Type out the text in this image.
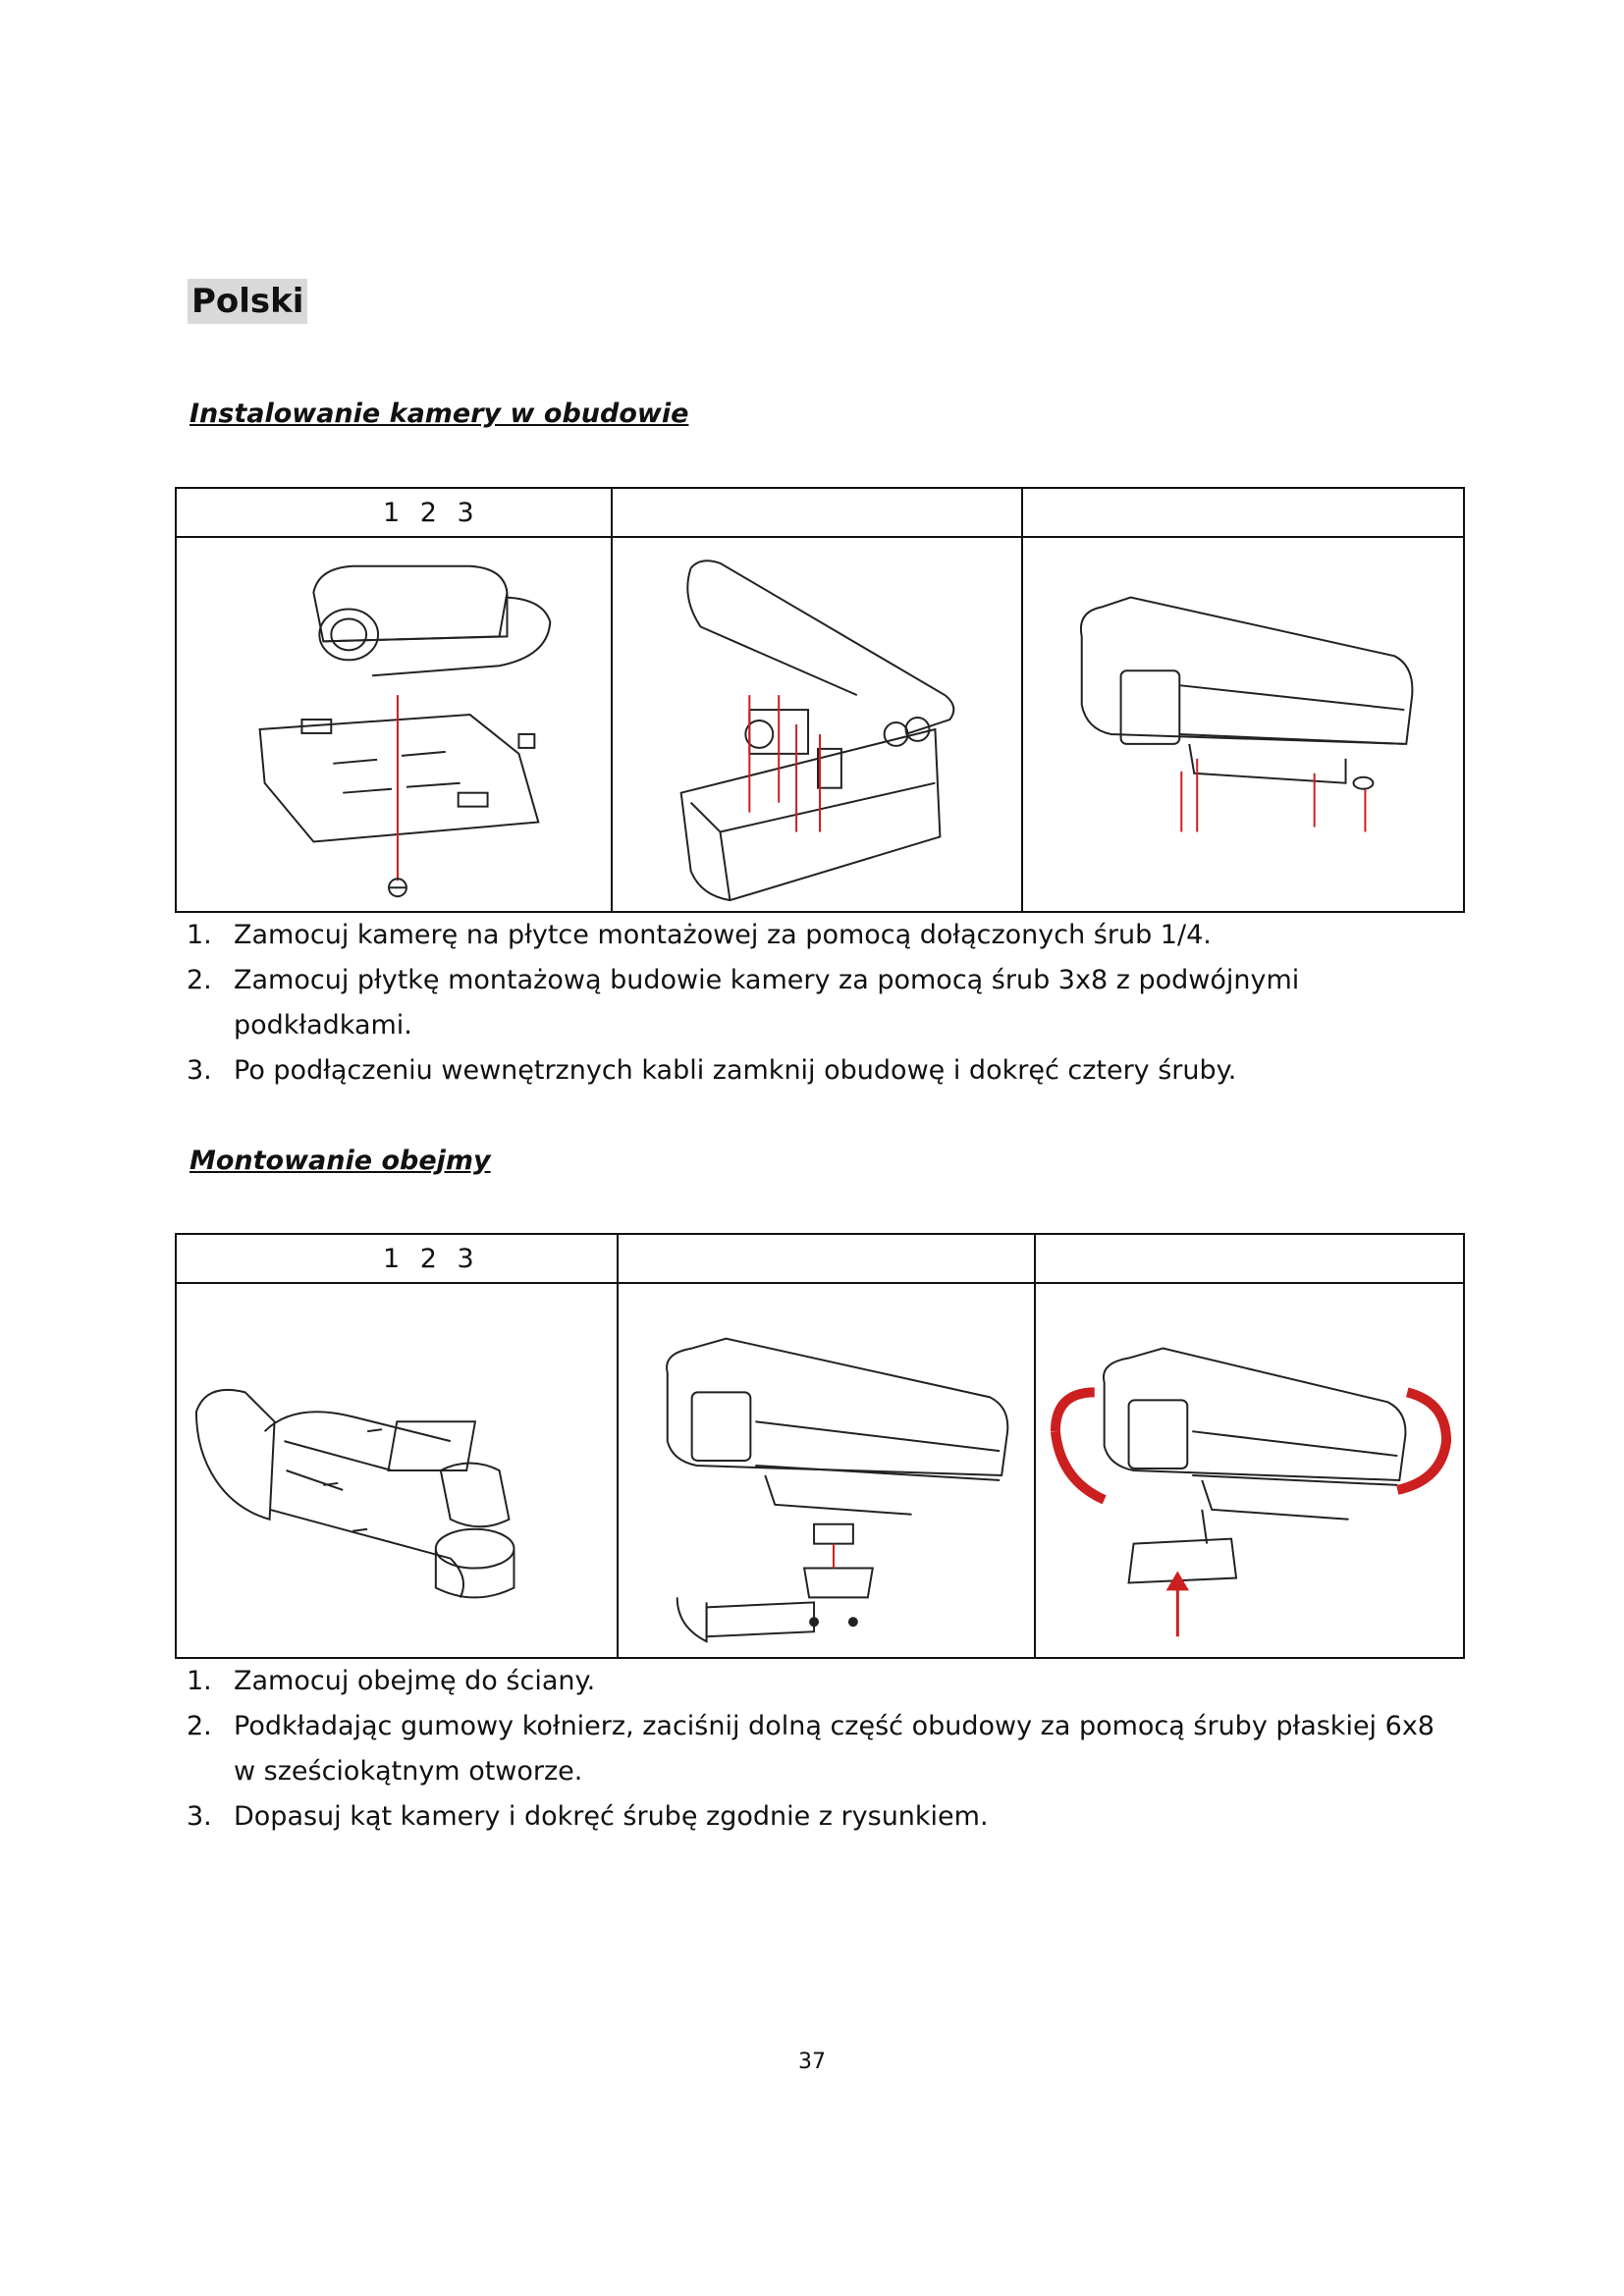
Polski
Instalowanie kamery w obudowie
1 2 3		

1. Zamocuj kamerę na płytce montażowej za pomocą dołączonych śrub 1/4.
2. Zamocuj płytkę montażową budowie kamery za pomocą śrub 3x8 z podwójnymi podkładkami.
3. Po podłączeniu wewnętrznych kabli zamknij obudowę i dokręć cztery śruby.
Montowanie obejmy
1 2 3		

1. Zamocuj obejmę do ściany.
2. Podkładając gumowy kołnierz, zaciśnij dolną część obudowy za pomocą śruby płaskiej 6x8 w sześciokątnym otworze.
3. Dopasuj kąt kamery i dokręć śrubę zgodnie z rysunkiem.
37
